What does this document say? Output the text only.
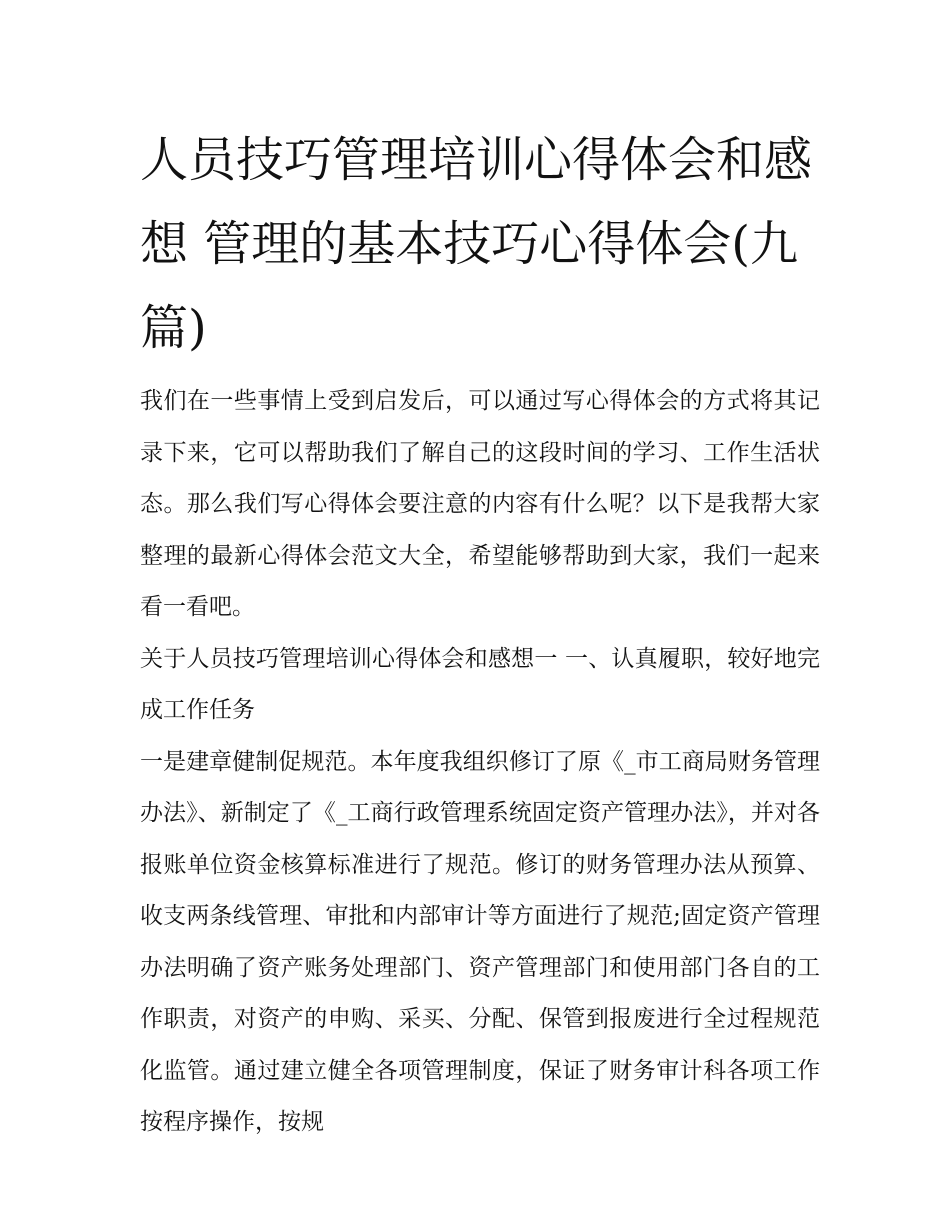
人员技巧管理培训心得体会和感想 管理的基本技巧心得体会(九篇)

我们在一些事情上受到启发后，可以通过写心得体会的方式将其记录下来，它可以帮助我们了解自己的这段时间的学习、工作生活状态。那么我们写心得体会要注意的内容有什么呢？以下是我帮大家整理的最新心得体会范文大全，希望能够帮助到大家，我们一起来看一看吧。

关于人员技巧管理培训心得体会和感想一 一、认真履职，较好地完成工作任务

一是建章健制促规范。本年度我组织修订了原《_市工商局财务管理办法》、新制定了《_工商行政管理系统固定资产管理办法》，并对各报账单位资金核算标准进行了规范。修订的财务管理办法从预算、收支两条线管理、审批和内部审计等方面进行了规范;固定资产管理办法明确了资产账务处理部门、资产管理部门和使用部门各自的工作职责，对资产的申购、采买、分配、保管到报废进行全过程规范化监管。通过建立健全各项管理制度，保证了财务审计科各项工作按程序操作，按规
